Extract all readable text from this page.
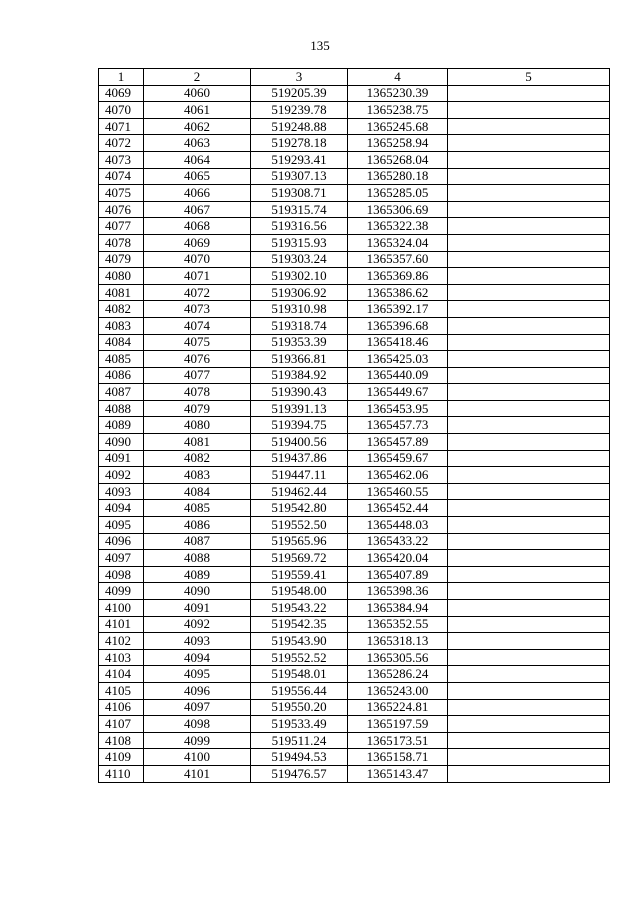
135
1	2	3	4	5
4069	4060	519205.39	1365230.39	
4070	4061	519239.78	1365238.75	
4071	4062	519248.88	1365245.68	
4072	4063	519278.18	1365258.94	
4073	4064	519293.41	1365268.04	
4074	4065	519307.13	1365280.18	
4075	4066	519308.71	1365285.05	
4076	4067	519315.74	1365306.69	
4077	4068	519316.56	1365322.38	
4078	4069	519315.93	1365324.04	
4079	4070	519303.24	1365357.60	
4080	4071	519302.10	1365369.86	
4081	4072	519306.92	1365386.62	
4082	4073	519310.98	1365392.17	
4083	4074	519318.74	1365396.68	
4084	4075	519353.39	1365418.46	
4085	4076	519366.81	1365425.03	
4086	4077	519384.92	1365440.09	
4087	4078	519390.43	1365449.67	
4088	4079	519391.13	1365453.95	
4089	4080	519394.75	1365457.73	
4090	4081	519400.56	1365457.89	
4091	4082	519437.86	1365459.67	
4092	4083	519447.11	1365462.06	
4093	4084	519462.44	1365460.55	
4094	4085	519542.80	1365452.44	
4095	4086	519552.50	1365448.03	
4096	4087	519565.96	1365433.22	
4097	4088	519569.72	1365420.04	
4098	4089	519559.41	1365407.89	
4099	4090	519548.00	1365398.36	
4100	4091	519543.22	1365384.94	
4101	4092	519542.35	1365352.55	
4102	4093	519543.90	1365318.13	
4103	4094	519552.52	1365305.56	
4104	4095	519548.01	1365286.24	
4105	4096	519556.44	1365243.00	
4106	4097	519550.20	1365224.81	
4107	4098	519533.49	1365197.59	
4108	4099	519511.24	1365173.51	
4109	4100	519494.53	1365158.71	
4110	4101	519476.57	1365143.47	
